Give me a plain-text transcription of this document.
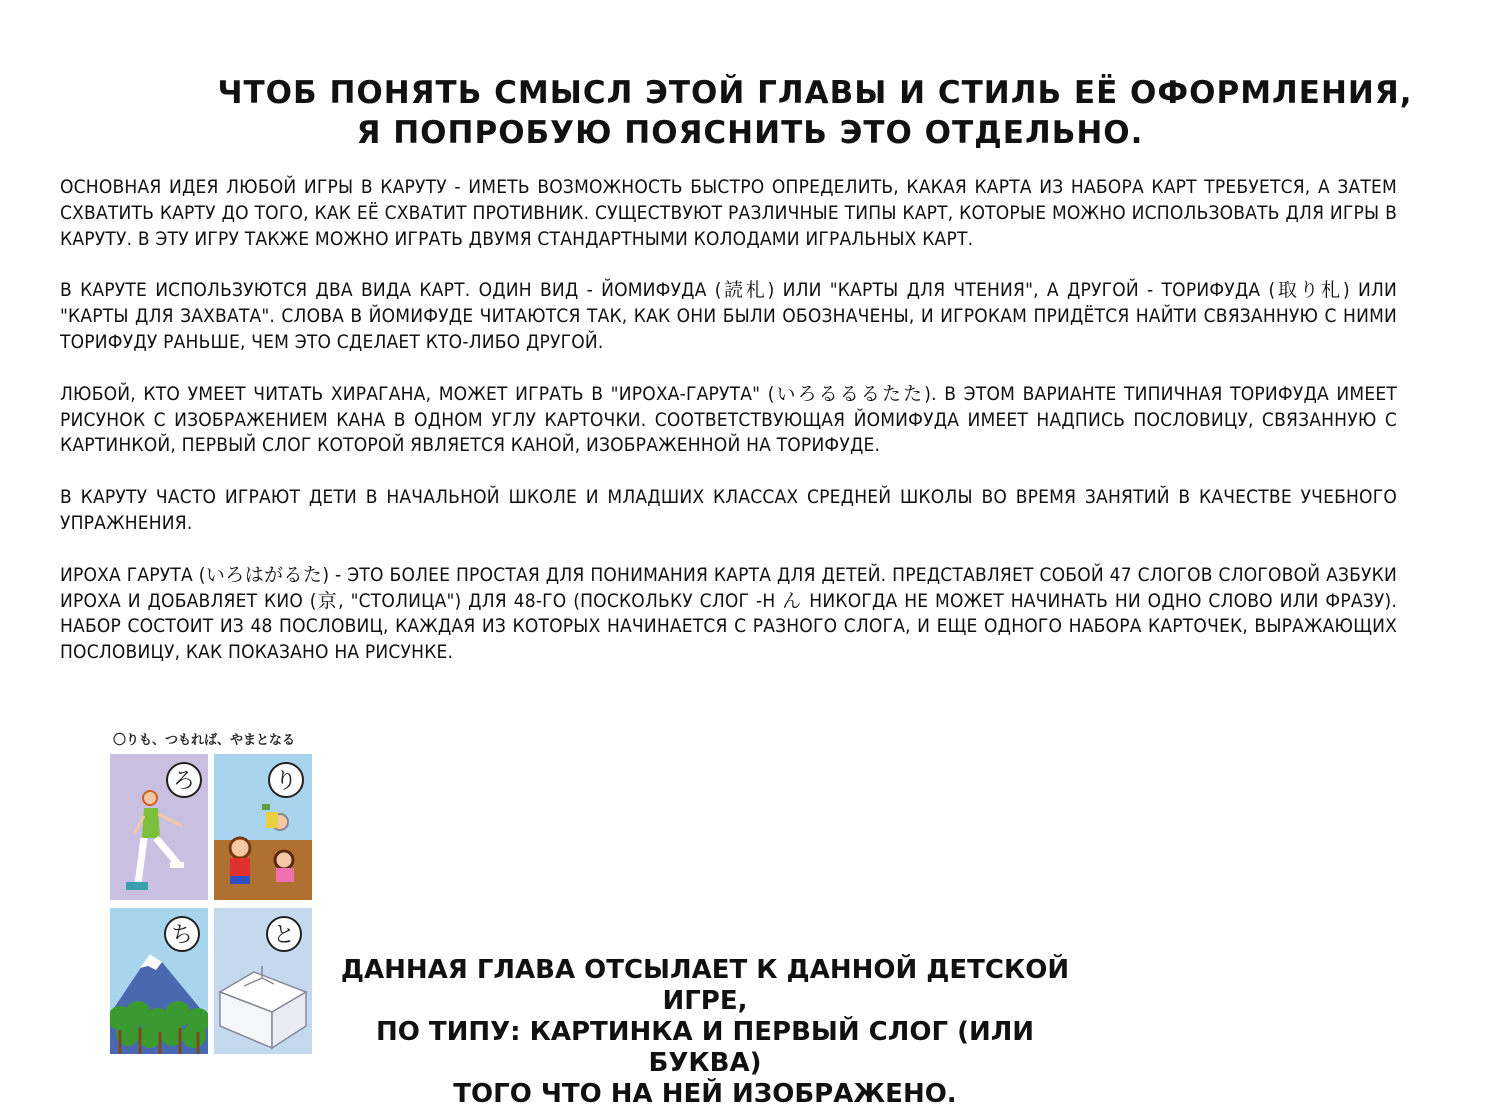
ЧТОБ ПОНЯТЬ СМЫСЛ ЭТОЙ ГЛАВЫ И СТИЛЬ ЕЁ ОФОРМЛЕНИЯ,
Я ПОПРОБУЮ ПОЯСНИТЬ ЭТО ОТДЕЛЬНО.

ОСНОВНАЯ ИДЕЯ ЛЮБОЙ ИГРЫ В КАРУТУ - ИМЕТЬ ВОЗМОЖНОСТЬ БЫСТРО ОПРЕДЕЛИТЬ, КАКАЯ КАРТА ИЗ НАБОРА КАРТ ТРЕБУЕТСЯ, А ЗАТЕМ СХВАТИТЬ КАРТУ ДО ТОГО, КАК ЕЁ СХВАТИТ ПРОТИВНИК. СУЩЕСТВУЮТ РАЗЛИЧНЫЕ ТИПЫ КАРТ, КОТОРЫЕ МОЖНО ИСПОЛЬЗОВАТЬ ДЛЯ ИГРЫ В КАРУТУ. В ЭТУ ИГРУ ТАКЖЕ МОЖНО ИГРАТЬ ДВУМЯ СТАНДАРТНЫМИ КОЛОДАМИ ИГРАЛЬНЫХ КАРТ.

В КАРУТЕ ИСПОЛЬЗУЮТСЯ ДВА ВИДА КАРТ. ОДИН ВИД - ЙОМИФУДА (読札) ИЛИ "КАРТЫ ДЛЯ ЧТЕНИЯ", А ДРУГОЙ - ТОРИФУДА (取り札) ИЛИ "КАРТЫ ДЛЯ ЗАХВАТА". СЛОВА В ЙОМИФУДЕ ЧИТАЮТСЯ ТАК, КАК ОНИ БЫЛИ ОБОЗНАЧЕНЫ, И ИГРОКАМ ПРИДЁТСЯ НАЙТИ СВЯЗАННУЮ С НИМИ ТОРИФУДУ РАНЬШЕ, ЧЕМ ЭТО СДЕЛАЕТ КТО-ЛИБО ДРУГОЙ.

ЛЮБОЙ, КТО УМЕЕТ ЧИТАТЬ ХИРАГАНА, МОЖЕТ ИГРАТЬ В "ИРОХА-ГАРУТА" (いろるるるたた). В ЭТОМ ВАРИАНТЕ ТИПИЧНАЯ ТОРИФУДА ИМЕЕТ РИСУНОК С ИЗОБРАЖЕНИЕМ КАНА В ОДНОМ УГЛУ КАРТОЧКИ. СООТВЕТСТВУЮЩАЯ ЙОМИФУДА ИМЕЕТ НАДПИСЬ ПОСЛОВИЦУ, СВЯЗАННУЮ С КАРТИНКОЙ, ПЕРВЫЙ СЛОГ КОТОРОЙ ЯВЛЯЕТСЯ КАНОЙ, ИЗОБРАЖЕННОЙ НА ТОРИФУДЕ.

В КАРУТУ ЧАСТО ИГРАЮТ ДЕТИ В НАЧАЛЬНОЙ ШКОЛЕ И МЛАДШИХ КЛАССАХ СРЕДНЕЙ ШКОЛЫ ВО ВРЕМЯ ЗАНЯТИЙ В КАЧЕСТВЕ УЧЕБНОГО УПРАЖНЕНИЯ.

ИРОХА ГАРУТА (いろはがるた) - ЭТО БОЛЕЕ ПРОСТАЯ ДЛЯ ПОНИМАНИЯ КАРТА ДЛЯ ДЕТЕЙ. ПРЕДСТАВЛЯЕТ СОБОЙ 47 СЛОГОВ СЛОГОВОЙ АЗБУКИ ИРОХА И ДОБАВЛЯЕТ КИО (京, "СТОЛИЦА") ДЛЯ 48-ГО (ПОСКОЛЬКУ СЛОГ -Н ん НИКОГДА НЕ МОЖЕТ НАЧИНАТЬ НИ ОДНО СЛОВО ИЛИ ФРАЗУ). НАБОР СОСТОИТ ИЗ 48 ПОСЛОВИЦ, КАЖДАЯ ИЗ КОТОРЫХ НАЧИНАЕТСЯ С РАЗНОГО СЛОГА, И ЕЩЕ ОДНОГО НАБОРА КАРТОЧЕК, ВЫРАЖАЮЩИХ ПОСЛОВИЦУ, КАК ПОКАЗАНО НА РИСУНКЕ.

〇りも、つもれば、やまとなる
ろ	り
ち	と
ДАННАЯ ГЛАВА ОТСЫЛАЕТ К ДАННОЙ ДЕТСКОЙ ИГРЕ,
ПО ТИПУ: КАРТИНКА И ПЕРВЫЙ СЛОГ (ИЛИ БУКВА)
ТОГО ЧТО НА НЕЙ ИЗОБРАЖЕНО.
